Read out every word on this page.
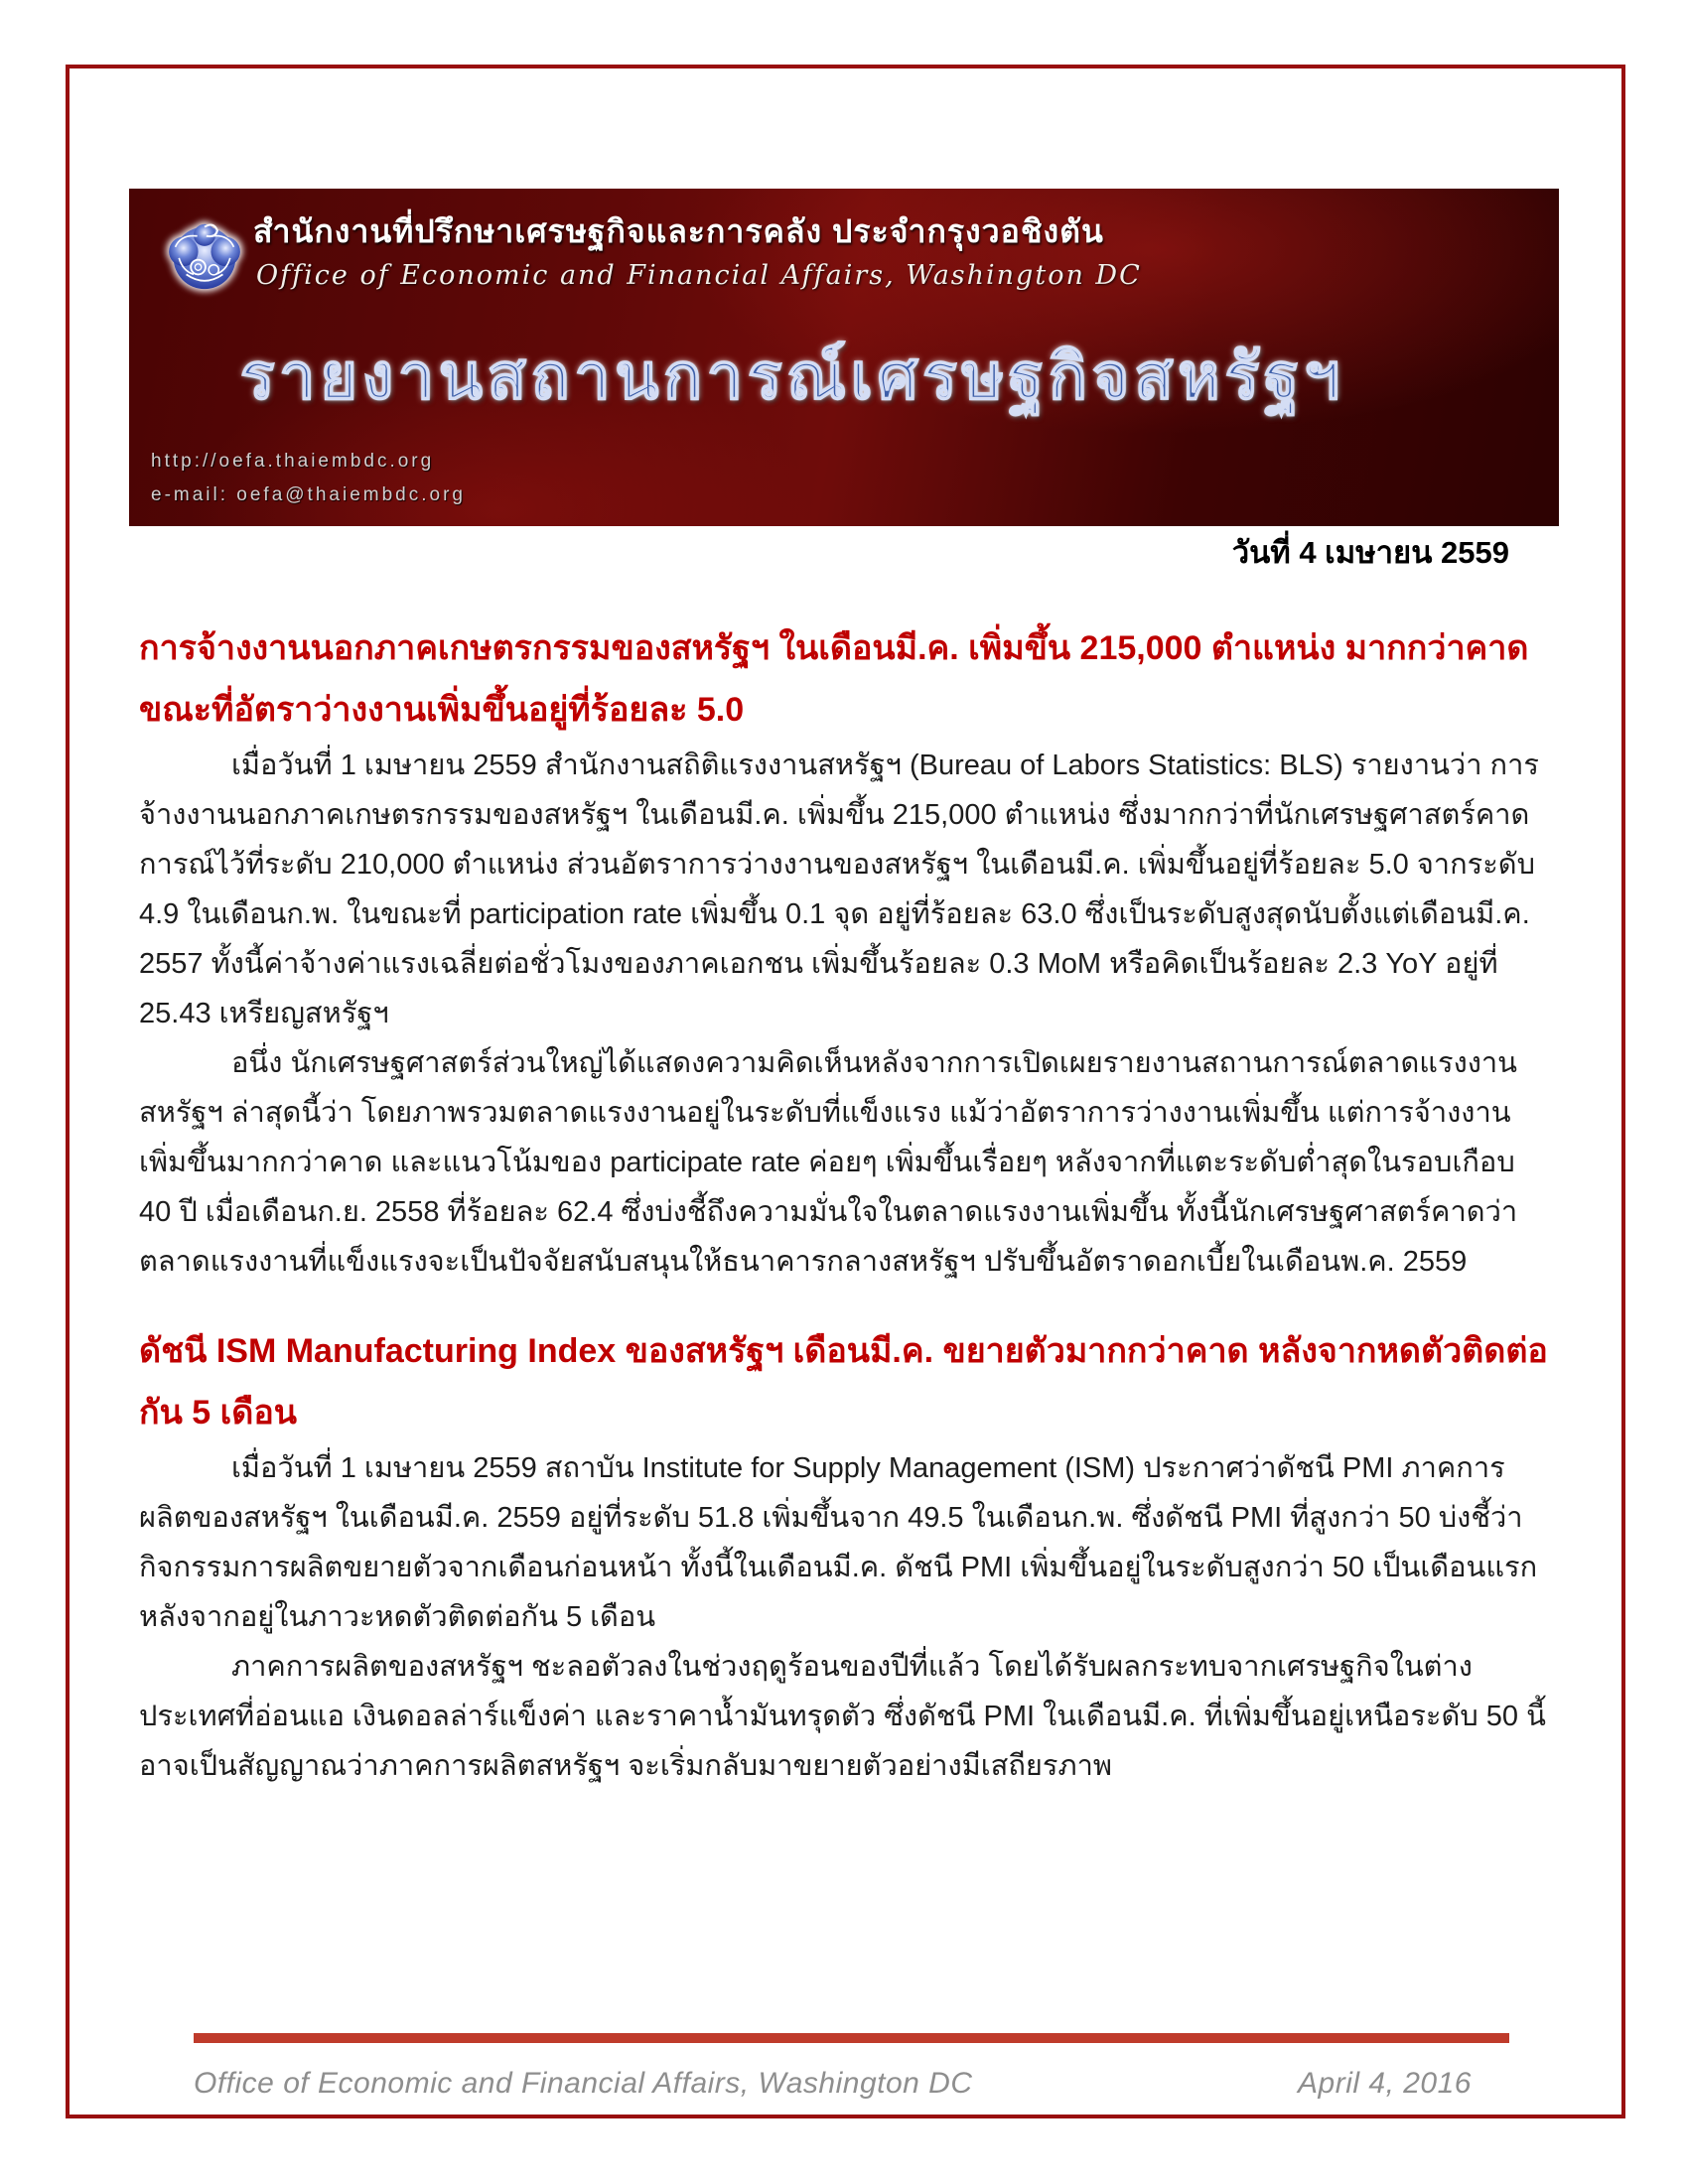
สำนักงานที่ปรึกษาเศรษฐกิจและการคลัง ประจำกรุงวอชิงตัน
Office of Economic and Financial Affairs, Washington DC
รายงานสถานการณ์เศรษฐกิจสหรัฐฯ
http://oefa.thaiembdc.org
e-mail: oefa@thaiembdc.org
วันที่ 4 เมษายน 2559
การจ้างงานนอกภาคเกษตรกรรมของสหรัฐฯ ในเดือนมี.ค. เพิ่มขึ้น 215,000 ตำแหน่ง มากกว่าคาด ขณะที่อัตราว่างงานเพิ่มขึ้นอยู่ที่ร้อยละ 5.0

เมื่อวันที่ 1 เมษายน 2559 สำนักงานสถิติแรงงานสหรัฐฯ (Bureau of Labors Statistics: BLS) รายงานว่า การจ้างงานนอกภาคเกษตรกรรมของสหรัฐฯ ในเดือนมี.ค. เพิ่มขึ้น 215,000 ตำแหน่ง ซึ่งมากกว่าที่นักเศรษฐศาสตร์คาดการณ์ไว้ที่ระดับ 210,000 ตำแหน่ง ส่วนอัตราการว่างงานของสหรัฐฯ ในเดือนมี.ค. เพิ่มขึ้นอยู่ที่ร้อยละ 5.0 จากระดับ 4.9 ในเดือนก.พ. ในขณะที่ participation rate เพิ่มขึ้น 0.1 จุด อยู่ที่ร้อยละ 63.0 ซึ่งเป็นระดับสูงสุดนับตั้งแต่เดือนมี.ค. 2557 ทั้งนี้ค่าจ้างค่าแรงเฉลี่ยต่อชั่วโมงของภาคเอกชน เพิ่มขึ้นร้อยละ 0.3 MoM หรือคิดเป็นร้อยละ 2.3 YoY อยู่ที่ 25.43 เหรียญสหรัฐฯ

อนึ่ง นักเศรษฐศาสตร์ส่วนใหญ่ได้แสดงความคิดเห็นหลังจากการเปิดเผยรายงานสถานการณ์ตลาดแรงงานสหรัฐฯ ล่าสุดนี้ว่า โดยภาพรวมตลาดแรงงานอยู่ในระดับที่แข็งแรง แม้ว่าอัตราการว่างงานเพิ่มขึ้น แต่การจ้างงานเพิ่มขึ้นมากกว่าคาด และแนวโน้มของ participate rate ค่อยๆ เพิ่มขึ้นเรื่อยๆ หลังจากที่แตะระดับต่ำสุดในรอบเกือบ 40 ปี เมื่อเดือนก.ย. 2558 ที่ร้อยละ 62.4 ซึ่งบ่งชี้ถึงความมั่นใจในตลาดแรงงานเพิ่มขึ้น ทั้งนี้นักเศรษฐศาสตร์คาดว่าตลาดแรงงานที่แข็งแรงจะเป็นปัจจัยสนับสนุนให้ธนาคารกลางสหรัฐฯ ปรับขึ้นอัตราดอกเบี้ยในเดือนพ.ค. 2559

ดัชนี ISM Manufacturing Index ของสหรัฐฯ เดือนมี.ค. ขยายตัวมากกว่าคาด หลังจากหดตัวติดต่อกัน 5 เดือน

เมื่อวันที่ 1 เมษายน 2559 สถาบัน Institute for Supply Management (ISM) ประกาศว่าดัชนี PMI ภาคการผลิตของสหรัฐฯ ในเดือนมี.ค. 2559 อยู่ที่ระดับ 51.8 เพิ่มขึ้นจาก 49.5 ในเดือนก.พ. ซึ่งดัชนี PMI ที่สูงกว่า 50 บ่งชี้ว่ากิจกรรมการผลิตขยายตัวจากเดือนก่อนหน้า ทั้งนี้ในเดือนมี.ค. ดัชนี PMI เพิ่มขึ้นอยู่ในระดับสูงกว่า 50 เป็นเดือนแรก หลังจากอยู่ในภาวะหดตัวติดต่อกัน 5 เดือน

ภาคการผลิตของสหรัฐฯ ชะลอตัวลงในช่วงฤดูร้อนของปีที่แล้ว โดยได้รับผลกระทบจากเศรษฐกิจในต่างประเทศที่อ่อนแอ เงินดอลล่าร์แข็งค่า และราคาน้ำมันทรุดตัว ซึ่งดัชนี PMI ในเดือนมี.ค. ที่เพิ่มขึ้นอยู่เหนือระดับ 50 นี้ อาจเป็นสัญญาณว่าภาคการผลิตสหรัฐฯ จะเริ่มกลับมาขยายตัวอย่างมีเสถียรภาพ

Office of Economic and Financial Affairs, Washington DC	April 4, 2016
